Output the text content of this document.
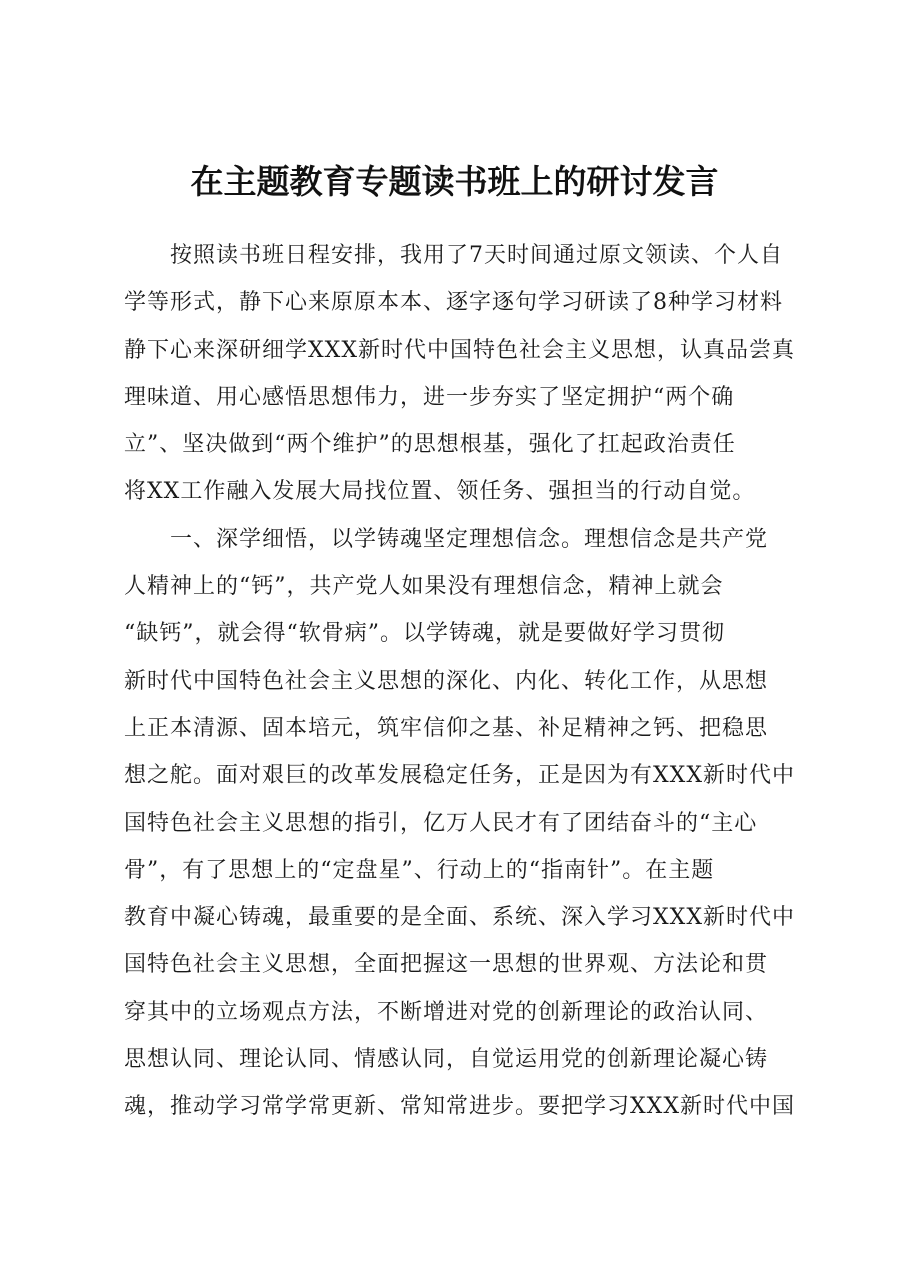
在主题教育专题读书班上的研讨发言
　　按照读书班日程安排，我用了7天时间通过原文领读、个人自
学等形式，静下心来原原本本、逐字逐句学习研读了8种学习材料
静下心来深研细学XXX新时代中国特色社会主义思想，认真品尝真
理味道、用心感悟思想伟力，进一步夯实了坚定拥护“两个确
立”、坚决做到“两个维护”的思想根基，强化了扛起政治责任
将XX工作融入发展大局找位置、领任务、强担当的行动自觉。
　　一、深学细悟，以学铸魂坚定理想信念。理想信念是共产党
人精神上的“钙”，共产党人如果没有理想信念，精神上就会
“缺钙”，就会得“软骨病”。以学铸魂，就是要做好学习贯彻
新时代中国特色社会主义思想的深化、内化、转化工作，从思想
上正本清源、固本培元，筑牢信仰之基、补足精神之钙、把稳思
想之舵。面对艰巨的改革发展稳定任务，正是因为有XXX新时代中
国特色社会主义思想的指引，亿万人民才有了团结奋斗的“主心
骨”，有了思想上的“定盘星”、行动上的“指南针”。在主题
教育中凝心铸魂，最重要的是全面、系统、深入学习XXX新时代中
国特色社会主义思想，全面把握这一思想的世界观、方法论和贯
穿其中的立场观点方法，不断增进对党的创新理论的政治认同、
思想认同、理论认同、情感认同，自觉运用党的创新理论凝心铸
魂，推动学习常学常更新、常知常进步。要把学习XXX新时代中国
